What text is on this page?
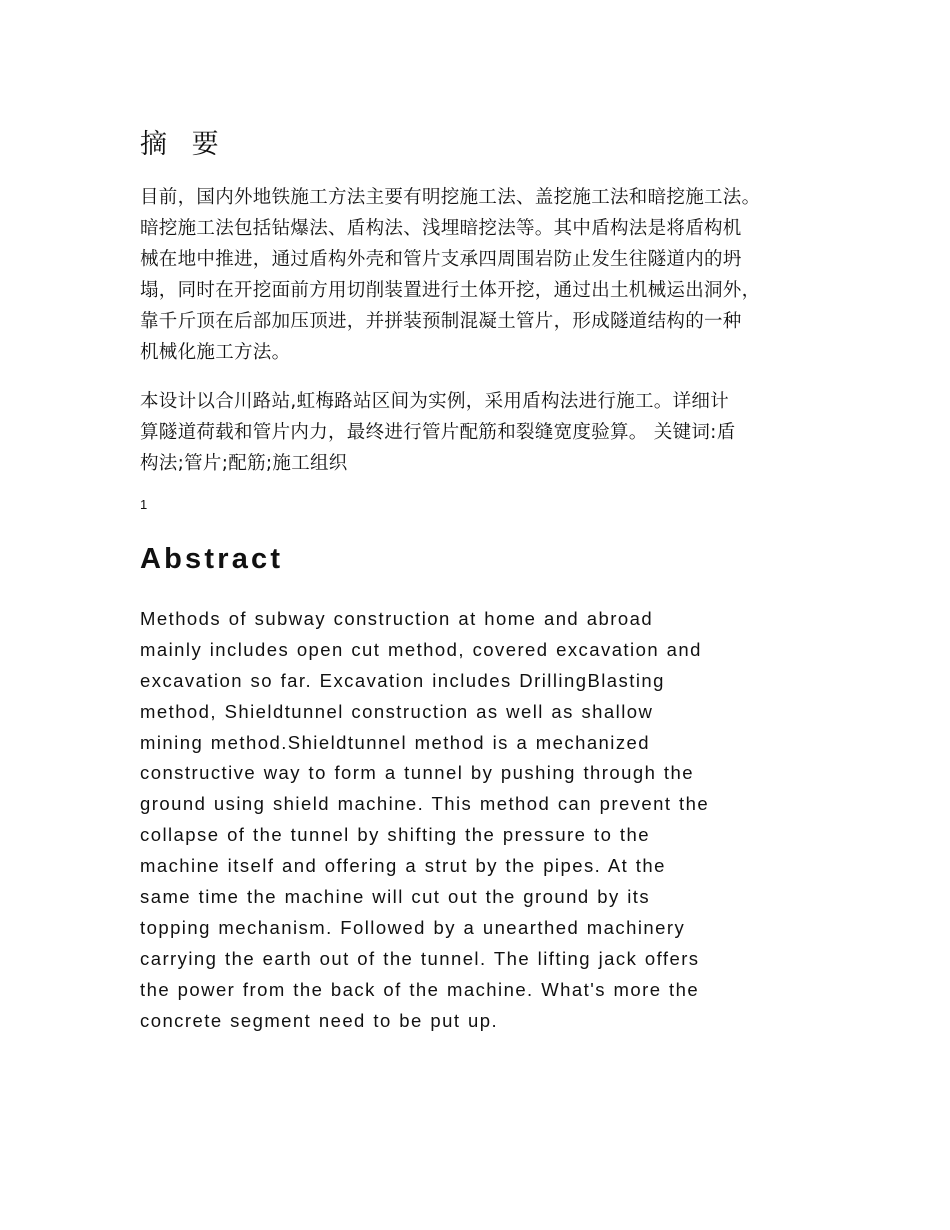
摘 要
目前，国内外地铁施工方法主要有明挖施工法、盖挖施工法和暗挖施工法。
暗挖施工法包括钻爆法、盾构法、浅埋暗挖法等。其中盾构法是将盾构机
械在地中推进，通过盾构外壳和管片支承四周围岩防止发生往隧道内的坍
塌，同时在开挖面前方用切削装置进行土体开挖，通过出土机械运出洞外，
靠千斤顶在后部加压顶进，并拼装预制混凝土管片，形成隧道结构的一种
机械化施工方法。
本设计以合川路站,虹梅路站区间为实例，采用盾构法进行施工。详细计
算隧道荷载和管片内力，最终进行管片配筋和裂缝宽度验算。 关键词:盾
构法;管片;配筋;施工组织
1
Abstract
Methods of subway construction at home and abroad
mainly includes open cut method, covered excavation and
excavation so far. Excavation includes DrillingBlasting
method, Shieldtunnel construction as well as shallow
mining method.Shieldtunnel method is a mechanized
constructive way to form a tunnel by pushing through the
ground using shield machine. This method can prevent the
collapse of the tunnel by shifting the pressure to the
machine itself and offering a strut by the pipes. At the
same time the machine will cut out the ground by its
topping mechanism. Followed by a unearthed machinery
carrying the earth out of the tunnel. The lifting jack offers
the power from the back of the machine. What's more the
concrete segment need to be put up.
